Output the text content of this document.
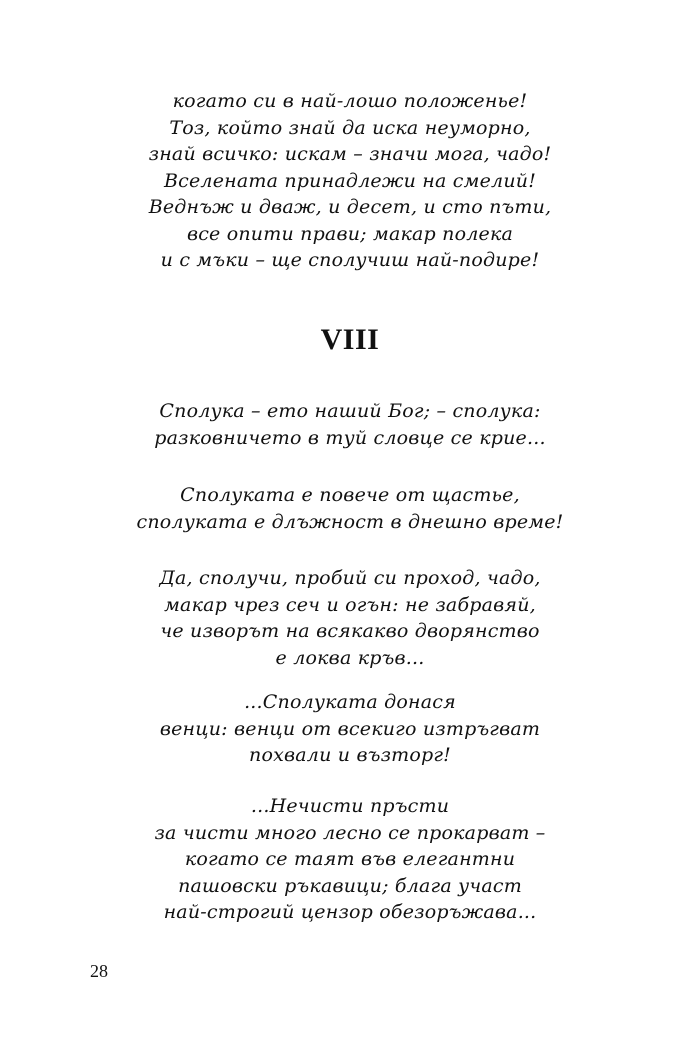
когато си в най-лошо положенье!
Тоз, който знай да иска неуморно,
знай всичко: искам – значи мога, чадо!
Вселената принадлежи на смелий!
Веднъж и дваж, и десет, и сто пъти,
все опити прави; макар полека
и с мъки – ще сполучиш най-подире!
VIII
Сполука – ето наший Бог; – сполука:
разковничето в туй словце се крие...
Сполуката е повече от щастье,
сполуката е длъжност в днешно време!
Да, сполучи, пробий си проход, чадо,
макар чрез сеч и огън: не забравяй,
че изворът на всякакво дворянство
е локва кръв...
...Сполуката донася
венци: венци от всекиго изтръгват
похвали и възторг!
...Нечисти пръсти
за чисти много лесно се прокарват –
когато се таят във елегантни
пашовски ръкавици; блага участ
най-строгий цензор обезоръжава...
28
